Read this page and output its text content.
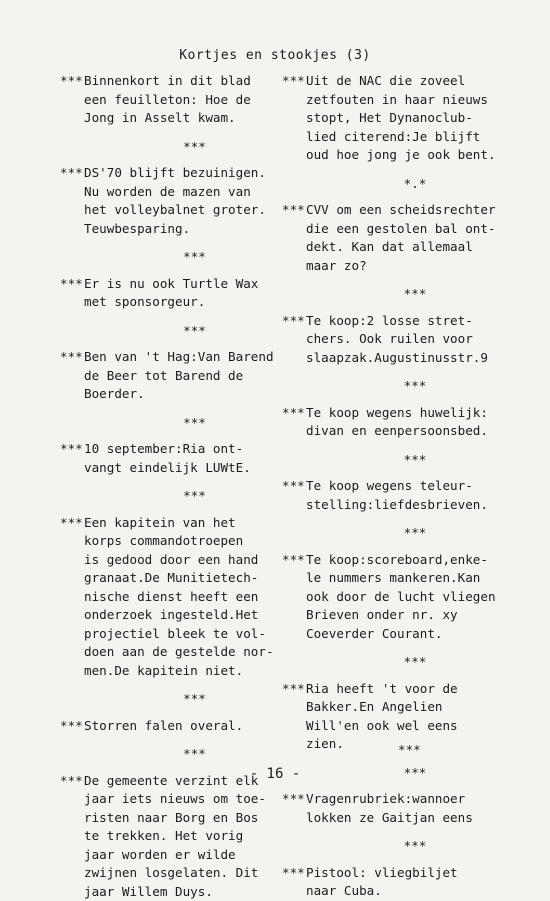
Kortjes en stookjes (3)
*** Binnenkort in dit blad
een feuilleton: Hoe de
Jong in Asselt kwam.
***
*** DS'70 blijft bezuinigen.
Nu worden de mazen van
het volleybalnet groter.
Teuwbesparing.
***
*** Er is nu ook Turtle Wax
met sponsorgeur.
***
*** Ben van 't Hag:Van Barend
de Beer tot Barend de
Boerder.
***
*** 10 september:Ria ont-
vangt eindelijk LUWtE.
***
*** Een kapitein van het
korps commandotroepen
is gedood door een hand
granaat.De Munitietech-
nische dienst heeft een
onderzoek ingesteld.Het
projectiel bleek te vol-
doen aan de gestelde nor-
men.De kapitein niet.
***
*** Storren falen overal.
***
*** De gemeente verzint elk
jaar iets nieuws om toe-
risten naar Borg en Bos
te trekken. Het vorig
jaar worden er wilde
zwijnen losgelaten. Dit
jaar Willem Duys.
*** Uit de NAC die zoveel
zetfouten in haar nieuws
stopt, Het Dynanoclub-
lied citerend:Je blijft
oud hoe jong je ook bent.
*.*
*** CVV om een scheidsrechter
die een gestolen bal ont-
dekt. Kan dat allemaal
maar zo?
***
*** Te koop:2 losse stret-
chers. Ook ruilen voor
slaapzak.Augustinusstr.9
***
*** Te koop wegens huwelijk:
divan en eenpersoonsbed.
***
*** Te koop wegens teleur-
stelling:liefdesbrieven.
***
*** Te koop:scoreboard,enke-
le nummers mankeren.Kan
ook door de lucht vliegen
Brieven onder nr. xy
Coeverder Courant.
***
*** Ria heeft 't voor de
Bakker.En Angelien
Will'en ook wel eens
zien.
***
*** Vragenrubriek:wannoer
lokken ze Gaitjan eens
***
*** Pistool: vliegbiljet
naar Cuba.
***
- 16 -
